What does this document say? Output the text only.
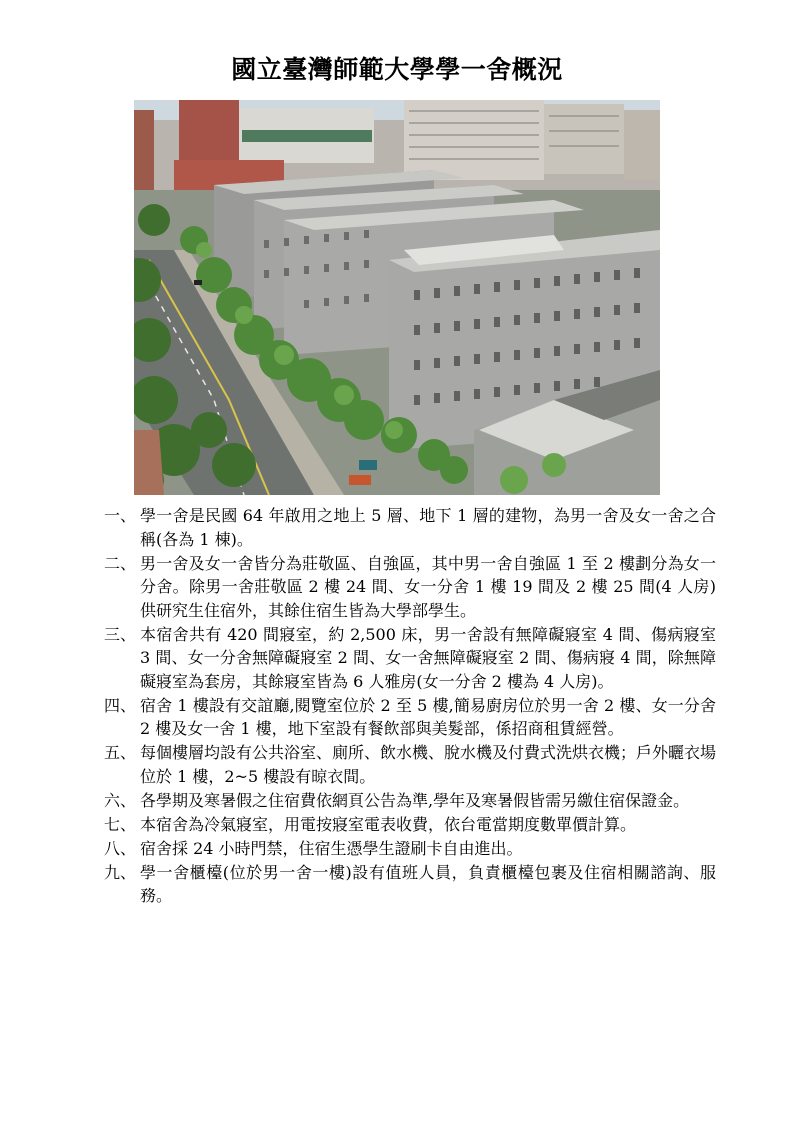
國立臺灣師範大學學一舍概況
一、 學一舍是民國 64 年啟用之地上 5 層、地下 1 層的建物，為男一舍及女一舍之合稱(各為 1 棟)。
二、 男一舍及女一舍皆分為莊敬區、自強區，其中男一舍自強區 1 至 2 樓劃分為女一分舍。除男一舍莊敬區 2 樓 24 間、女一分舍 1 樓 19 間及 2 樓 25 間(4 人房)供研究生住宿外，其餘住宿生皆為大學部學生。
三、 本宿舍共有 420 間寢室，約 2,500 床，男一舍設有無障礙寢室 4 間、傷病寢室 3 間、女一分舍無障礙寢室 2 間、女一舍無障礙寢室 2 間、傷病寢 4 間，除無障礙寢室為套房，其餘寢室皆為 6 人雅房(女一分舍 2 樓為 4 人房)。
四、 宿舍 1 樓設有交誼廳,閱覽室位於 2 至 5 樓,簡易廚房位於男一舍 2 樓、女一分舍 2 樓及女一舍 1 樓，地下室設有餐飲部與美髮部，係招商租賃經營。
五、 每個樓層均設有公共浴室、廁所、飲水機、脫水機及付費式洗烘衣機；戶外曬衣場位於 1 樓，2~5 樓設有晾衣間。
六、 各學期及寒暑假之住宿費依網頁公告為準,學年及寒暑假皆需另繳住宿保證金。
七、 本宿舍為冷氣寢室，用電按寢室電表收費，依台電當期度數單價計算。
八、 宿舍採 24 小時門禁，住宿生憑學生證刷卡自由進出。
九、 學一舍櫃檯(位於男一舍一樓)設有值班人員，負責櫃檯包裹及住宿相關諮詢、服務。
